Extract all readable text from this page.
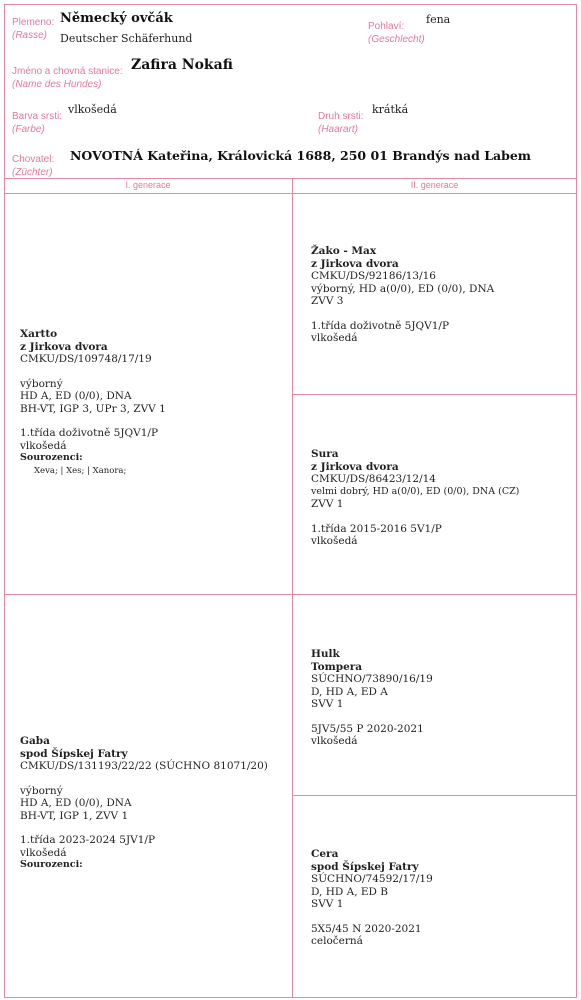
Plemeno:
(Rasse)
Německý ovčák
Deutscher Schäferhund
Pohlaví:
(Geschlecht)
fena
Jméno a chovná stanice:
(Name des Hundes)
Zafira Nokafi
Barva srsti:
(Farbe)
vlkošedá
Druh srsti:
(Haarart)
krátká
Chovatel:
(Züchter)
NOVOTNÁ Kateřina, Královická 1688, 250 01 Brandýs nad Labem
I. generace	II. generace
Xartto
z Jirkova dvora
CMKU/DS/109748/17/19
výborný
HD A, ED (0/0), DNA
BH-VT, IGP 3, UPr 3, ZVV 1
1.třída doživotně 5JQV1/P
vlkošedá
Sourozenci:
Xeva; | Xes; | Xanora;
Žako - Max
z Jirkova dvora
CMKU/DS/92186/13/16
výborný, HD a(0/0), ED (0/0), DNA
ZVV 3
1.třída doživotně 5JQV1/P
vlkošedá
Sura
z Jirkova dvora
CMKU/DS/86423/12/14
velmi dobrý, HD a(0/0), ED (0/0), DNA (CZ)
ZVV 1
1.třída 2015-2016 5V1/P
vlkošedá
Gaba
spod Šípskej Fatry
CMKU/DS/131193/22/22 (SÚCHNO 81071/20)
výborný
HD A, ED (0/0), DNA
BH-VT, IGP 1, ZVV 1
1.třída 2023-2024 5JV1/P
vlkošedá
Sourozenci:
Hulk
Tompera
SÚCHNO/73890/16/19
D, HD A, ED A
SVV 1
5JV5/55 P 2020-2021
vlkošedá
Cera
spod Šípskej Fatry
SÚCHNO/74592/17/19
D, HD A, ED B
SVV 1
5X5/45 N 2020-2021
celočerná
